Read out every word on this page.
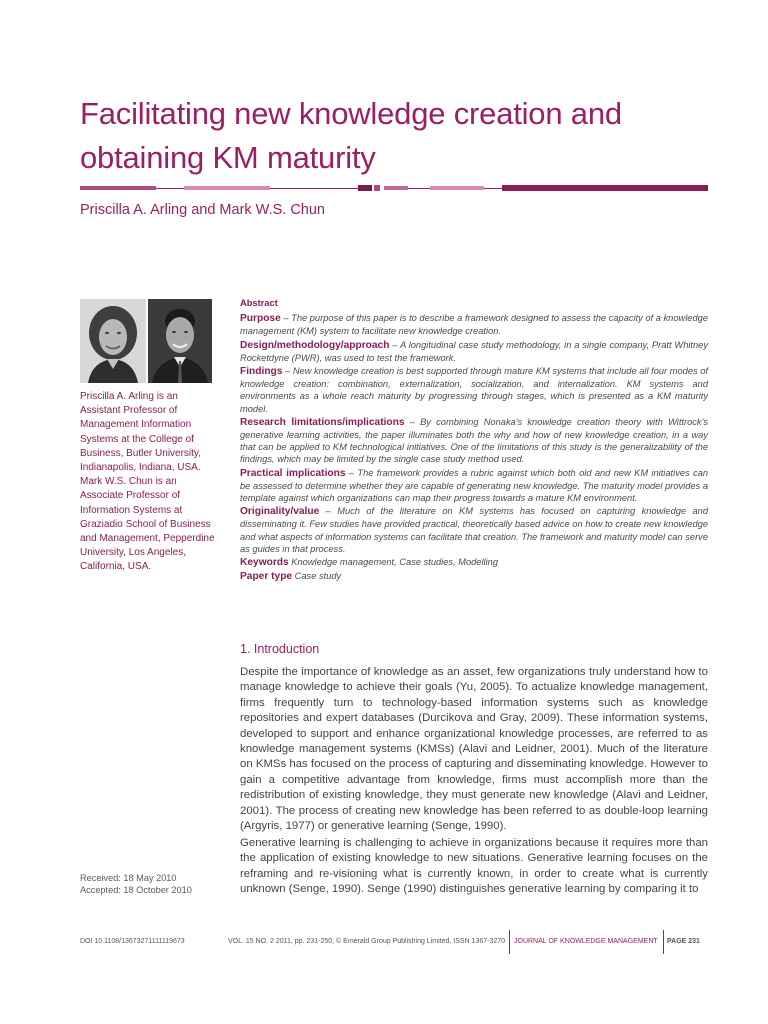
Facilitating new knowledge creation and obtaining KM maturity
Priscilla A. Arling and Mark W.S. Chun

Priscilla A. Arling is an Assistant Professor of Management Information Systems at the College of Business, Butler University, Indianapolis, Indiana, USA. Mark W.S. Chun is an Associate Professor of Information Systems at Graziadio School of Business and Management, Pepperdine University, Los Angeles, California, USA.

Received: 18 May 2010
Accepted: 18 October 2010
Abstract

Purpose – The purpose of this paper is to describe a framework designed to assess the capacity of a knowledge management (KM) system to facilitate new knowledge creation.

Design/methodology/approach – A longitudinal case study methodology, in a single company, Pratt Whitney Rocketdyne (PWR), was used to test the framework.

Findings – New knowledge creation is best supported through mature KM systems that include all four modes of knowledge creation: combination, externalization, socialization, and internalization. KM systems and environments as a whole reach maturity by progressing through stages, which is presented as a KM maturity model.

Research limitations/implications – By combining Nonaka's knowledge creation theory with Wittrock's generative learning activities, the paper illuminates both the why and how of new knowledge creation, in a way that can be applied to KM technological initiatives. One of the limitations of this study is the generalizability of the findings, which may be limited by the single case study method used.

Practical implications – The framework provides a rubric against which both old and new KM initiatives can be assessed to determine whether they are capable of generating new knowledge. The maturity model provides a template against which organizations can map their progress towards a mature KM environment.

Originality/value – Much of the literature on KM systems has focused on capturing knowledge and disseminating it. Few studies have provided practical, theoretically based advice on how to create new knowledge and what aspects of information systems can facilitate that creation. The framework and maturity model can serve as guides in that process.

Keywords Knowledge management, Case studies, Modelling

Paper type Case study

1. Introduction

Despite the importance of knowledge as an asset, few organizations truly understand how to manage knowledge to achieve their goals (Yu, 2005). To actualize knowledge management, firms frequently turn to technology-based information systems such as knowledge repositories and expert databases (Durcikova and Gray, 2009). These information systems, developed to support and enhance organizational knowledge processes, are referred to as knowledge management systems (KMSs) (Alavi and Leidner, 2001). Much of the literature on KMSs has focused on the process of capturing and disseminating knowledge. However to gain a competitive advantage from knowledge, firms must accomplish more than the redistribution of existing knowledge, they must generate new knowledge (Alavi and Leidner, 2001). The process of creating new knowledge has been referred to as double-loop learning (Argyris, 1977) or generative learning (Senge, 1990).

Generative learning is challenging to achieve in organizations because it requires more than the application of existing knowledge to new situations. Generative learning focuses on the reframing and re-visioning what is currently known, in order to create what is currently unknown (Senge, 1990). Senge (1990) distinguishes generative learning by comparing it to

DOI 10.1108/13673271111119673	VOL. 15 NO. 2 2011, pp. 231-250, © Emerald Group Publishing Limited, ISSN 1367-3270 JOURNAL OF KNOWLEDGE MANAGEMENT PAGE 231
